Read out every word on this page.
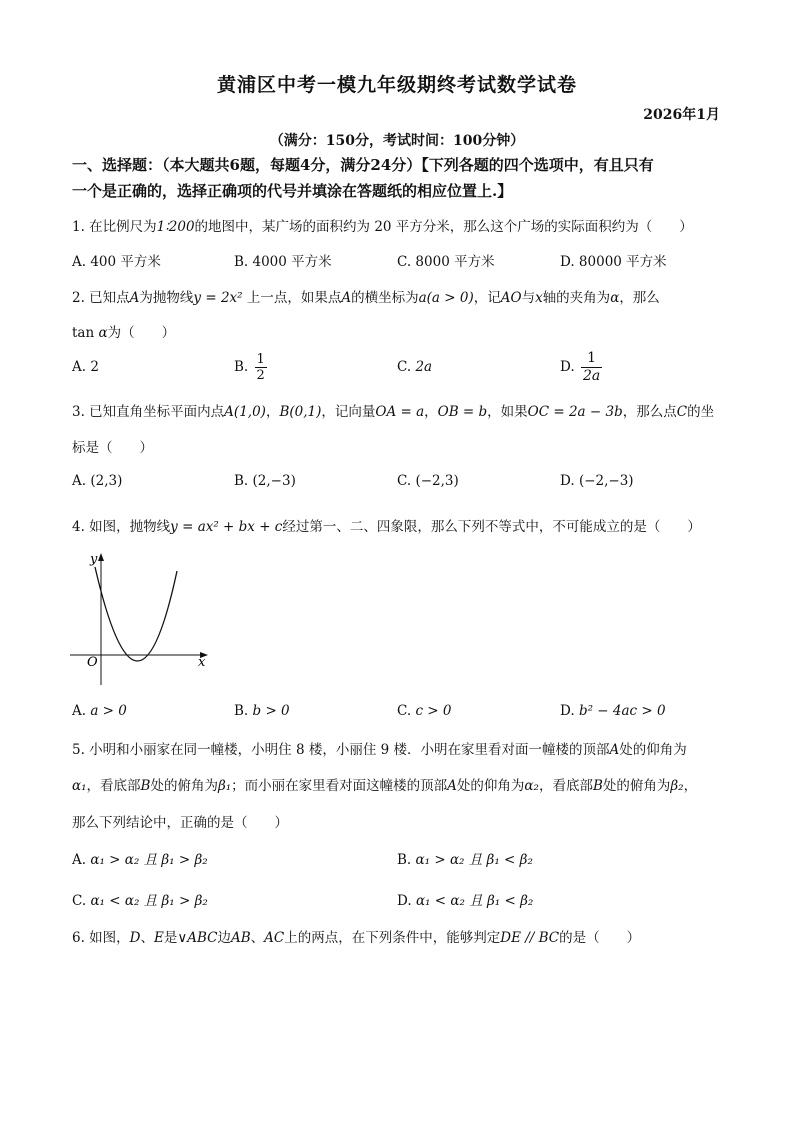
黄浦区中考一模九年级期终考试数学试卷
2026年1月
（满分：150分，考试时间：100分钟）
一、选择题：（本大题共6题，每题4分，满分24分）【下列各题的四个选项中，有且只有
一个是正确的，选择正确项的代号并填涂在答题纸的相应位置上.】
1. 在比例尺为1∶200的地图中，某广场的面积约为 20 平方分米，那么这个广场的实际面积约为（　　）
A. 400 平方米	B. 4000 平方米	C. 8000 平方米	D. 80000 平方米
2. 已知点A为抛物线y = 2x² 上一点，如果点A的横坐标为a(a > 0)，记AO与x轴的夹角为α，那么
tan α为（　　）
A. 2	B. $\frac{1}{2}$	C. 2a	D. $\frac{1}{2a}$
3. 已知直角坐标平面内点A(1,0)，B(0,1)，记向量OA = a，OB = b，如果OC = 2a − 3b，那么点C的坐
标是（　　）
A. (2,3)	B. (2,−3)	C. (−2,3)	D. (−2,−3)
4. 如图，抛物线y = ax² + bx + c经过第一、二、四象限，那么下列不等式中，不可能成立的是（　　）
y
x
O
A. a > 0	B. b > 0	C. c > 0	D. b² − 4ac > 0
5. 小明和小丽家在同一幢楼，小明住 8 楼，小丽住 9 楼．小明在家里看对面一幢楼的顶部A处的仰角为
α₁，看底部B处的俯角为β₁；而小丽在家里看对面这幢楼的顶部A处的仰角为α₂，看底部B处的俯角为β₂，
那么下列结论中，正确的是（　　）
A. α₁ > α₂ 且 β₁ > β₂	B. α₁ > α₂ 且 β₁ < β₂
C. α₁ < α₂ 且 β₁ > β₂	D. α₁ < α₂ 且 β₁ < β₂
6. 如图，D、E是∨ABC边AB、AC上的两点，在下列条件中，能够判定DE // BC的是（　　）
